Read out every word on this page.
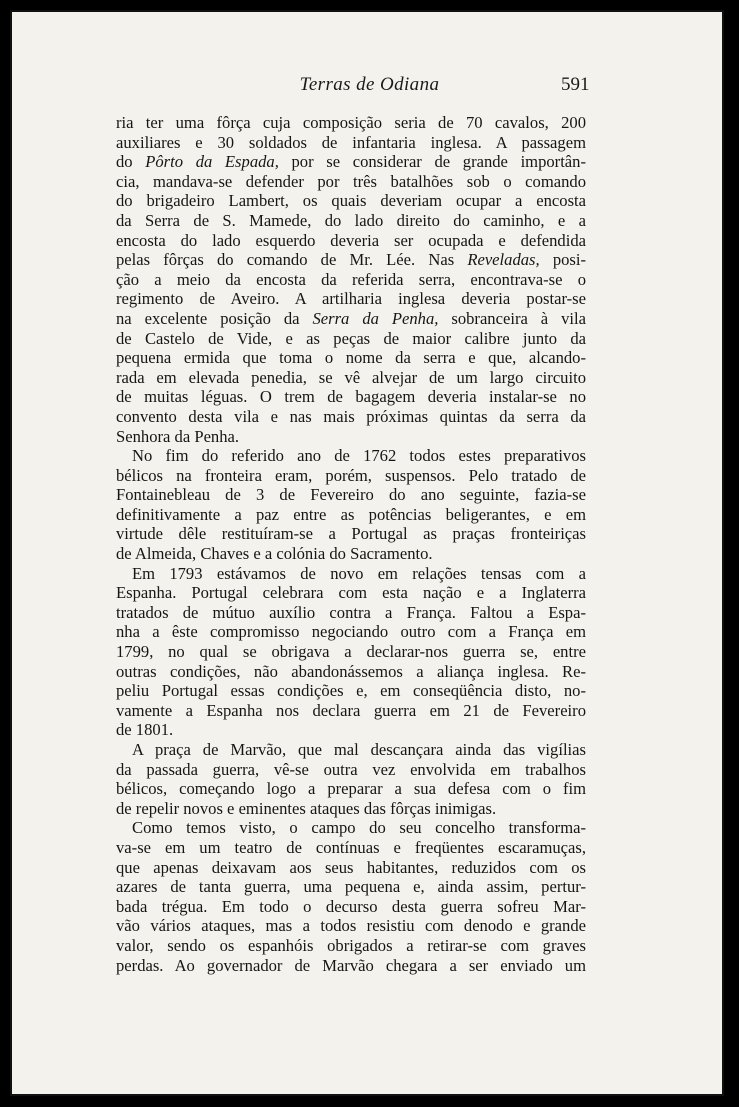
Terras de Odiana	591
ria ter uma fôrça cuja composição seria de 70 cavalos, 200
auxiliares e 30 soldados de infantaria inglesa. A passagem
do Pôrto da Espada, por se considerar de grande importân-
cia, mandava-se defender por três batalhões sob o comando
do brigadeiro Lambert, os quais deveriam ocupar a encosta
da Serra de S. Mamede, do lado direito do caminho, e a
encosta do lado esquerdo deveria ser ocupada e defendida
pelas fôrças do comando de Mr. Lée. Nas Reveladas, posi-
ção a meio da encosta da referida serra, encontrava-se o
regimento de Aveiro. A artilharia inglesa deveria postar-se
na excelente posição da Serra da Penha, sobranceira à vila
de Castelo de Vide, e as peças de maior calibre junto da
pequena ermida que toma o nome da serra e que, alcando-
rada em elevada penedia, se vê alvejar de um largo circuito
de muitas léguas. O trem de bagagem deveria instalar-se no
convento desta vila e nas mais próximas quintas da serra da
Senhora da Penha.
No fim do referido ano de 1762 todos estes preparativos
bélicos na fronteira eram, porém, suspensos. Pelo tratado de
Fontainebleau de 3 de Fevereiro do ano seguinte, fazia-se
definitivamente a paz entre as potências beligerantes, e em
virtude dêle restituíram-se a Portugal as praças fronteiriças
de Almeida, Chaves e a colónia do Sacramento.
Em 1793 estávamos de novo em relações tensas com a
Espanha. Portugal celebrara com esta nação e a Inglaterra
tratados de mútuo auxílio contra a França. Faltou a Espa-
nha a êste compromisso negociando outro com a França em
1799, no qual se obrigava a declarar-nos guerra se, entre
outras condições, não abandonássemos a aliança inglesa. Re-
peliu Portugal essas condições e, em conseqüência disto, no-
vamente a Espanha nos declara guerra em 21 de Fevereiro
de 1801.
A praça de Marvão, que mal descançara ainda das vigílias
da passada guerra, vê-se outra vez envolvida em trabalhos
bélicos, começando logo a preparar a sua defesa com o fim
de repelir novos e eminentes ataques das fôrças inimigas.
Como temos visto, o campo do seu concelho transforma-
va-se em um teatro de contínuas e freqüentes escaramuças,
que apenas deixavam aos seus habitantes, reduzidos com os
azares de tanta guerra, uma pequena e, ainda assim, pertur-
bada trégua. Em todo o decurso desta guerra sofreu Mar-
vão vários ataques, mas a todos resistiu com denodo e grande
valor, sendo os espanhóis obrigados a retirar-se com graves
perdas. Ao governador de Marvão chegara a ser enviado um
